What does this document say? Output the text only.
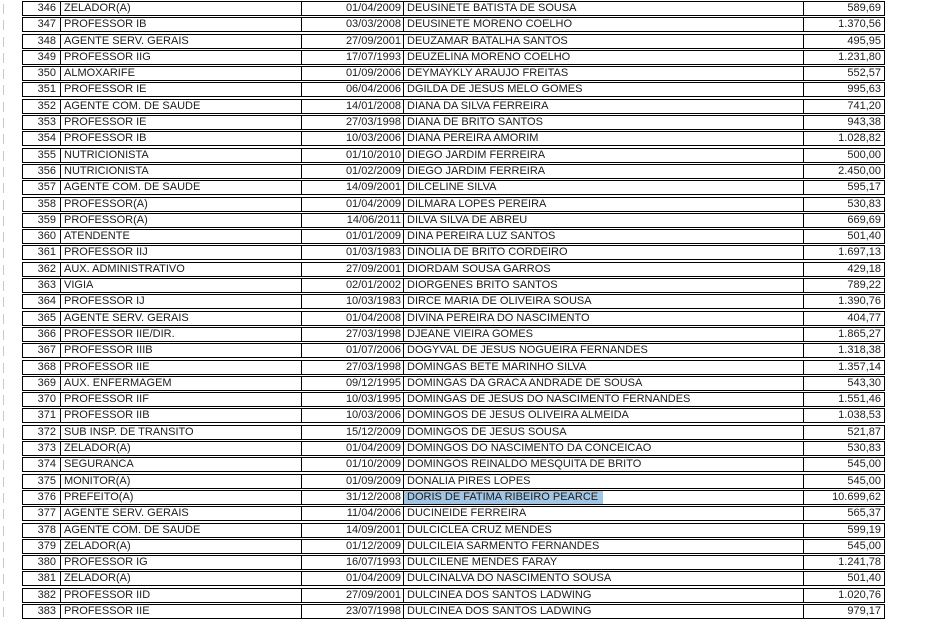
346 ZELADOR(A)	01/04/2009 DEUSINETE BATISTA DE SOUSA	589,69
347 PROFESSOR IB	03/03/2008 DEUSINETE MORENO COELHO	1.370,56
348 AGENTE SERV. GERAIS	27/09/2001 DEUZAMAR BATALHA SANTOS	495,95
349 PROFESSOR IIG	17/07/1993 DEUZELINA MORENO COELHO	1.231,80
350 ALMOXARIFE	01/09/2006 DEYMAYKLY ARAUJO FREITAS	552,57
351 PROFESSOR IE	06/04/2006 DGILDA DE JESUS MELO GOMES	995,63
352 AGENTE COM. DE SAUDE	14/01/2008 DIANA DA SILVA FERREIRA	741,20
353 PROFESSOR IE	27/03/1998 DIANA DE BRITO SANTOS	943,38
354 PROFESSOR IB	10/03/2006 DIANA PEREIRA AMORIM	1.028,82
355 NUTRICIONISTA	01/10/2010 DIEGO JARDIM FERREIRA	500,00
356 NUTRICIONISTA	01/02/2009 DIEGO JARDIM FERREIRA	2.450,00
357 AGENTE COM. DE SAUDE	14/09/2001 DILCELINE SILVA	595,17
358 PROFESSOR(A)	01/04/2009 DILMARA LOPES PEREIRA	530,83
359 PROFESSOR(A)	14/06/2011 DILVA SILVA DE ABREU	669,69
360 ATENDENTE	01/01/2009 DINA PEREIRA LUZ SANTOS	501,40
361 PROFESSOR IIJ	01/03/1983 DINOLIA DE BRITO CORDEIRO	1.697,13
362 AUX. ADMINISTRATIVO	27/09/2001 DIORDAM SOUSA GARROS	429,18
363 VIGIA	02/01/2002 DIORGENES BRITO SANTOS	789,22
364 PROFESSOR IJ	10/03/1983 DIRCE MARIA DE OLIVEIRA SOUSA	1.390,76
365 AGENTE SERV. GERAIS	01/04/2008 DIVINA PEREIRA DO NASCIMENTO	404,77
366 PROFESSOR IIE/DIR.	27/03/1998 DJEANE VIEIRA GOMES	1.865,27
367 PROFESSOR IIIB	01/07/2006 DOGYVAL DE JESUS NOGUEIRA FERNANDES	1.318,38
368 PROFESSOR IIE	27/03/1998 DOMINGAS BETE MARINHO SILVA	1.357,14
369 AUX. ENFERMAGEM	09/12/1995 DOMINGAS DA GRACA ANDRADE DE SOUSA	543,30
370 PROFESSOR IIF	10/03/1995 DOMINGAS DE JESUS DO NASCIMENTO FERNANDES	1.551,46
371 PROFESSOR IIB	10/03/2006 DOMINGOS DE JESUS OLIVEIRA ALMEIDA	1.038,53
372 SUB INSP. DE TRANSITO	15/12/2009 DOMINGOS DE JESUS SOUSA	521,87
373 ZELADOR(A)	01/04/2009 DOMINGOS DO NASCIMENTO DA CONCEICAO	530,83
374 SEGURANCA	01/10/2009 DOMINGOS REINALDO MESQUITA DE BRITO	545,00
375 MONITOR(A)	01/09/2009 DONALIA PIRES LOPES	545,00
376 PREFEITO(A)	31/12/2008 DORIS DE FATIMA RIBEIRO PEARCE	10.699,62
377 AGENTE SERV. GERAIS	11/04/2006 DUCINEIDE FERREIRA	565,37
378 AGENTE COM. DE SAUDE	14/09/2001 DULCICLEA CRUZ MENDES	599,19
379 ZELADOR(A)	01/12/2009 DULCILEIA SARMENTO FERNANDES	545,00
380 PROFESSOR IG	16/07/1993 DULCILENE MENDES FARAY	1.241,78
381 ZELADOR(A)	01/04/2009 DULCINALVA DO NASCIMENTO SOUSA	501,40
382 PROFESSOR IID	27/09/2001 DULCINEA DOS SANTOS LADWING	1.020,76
383 PROFESSOR IIE	23/07/1998 DULCINEA DOS SANTOS LADWING	979,17
